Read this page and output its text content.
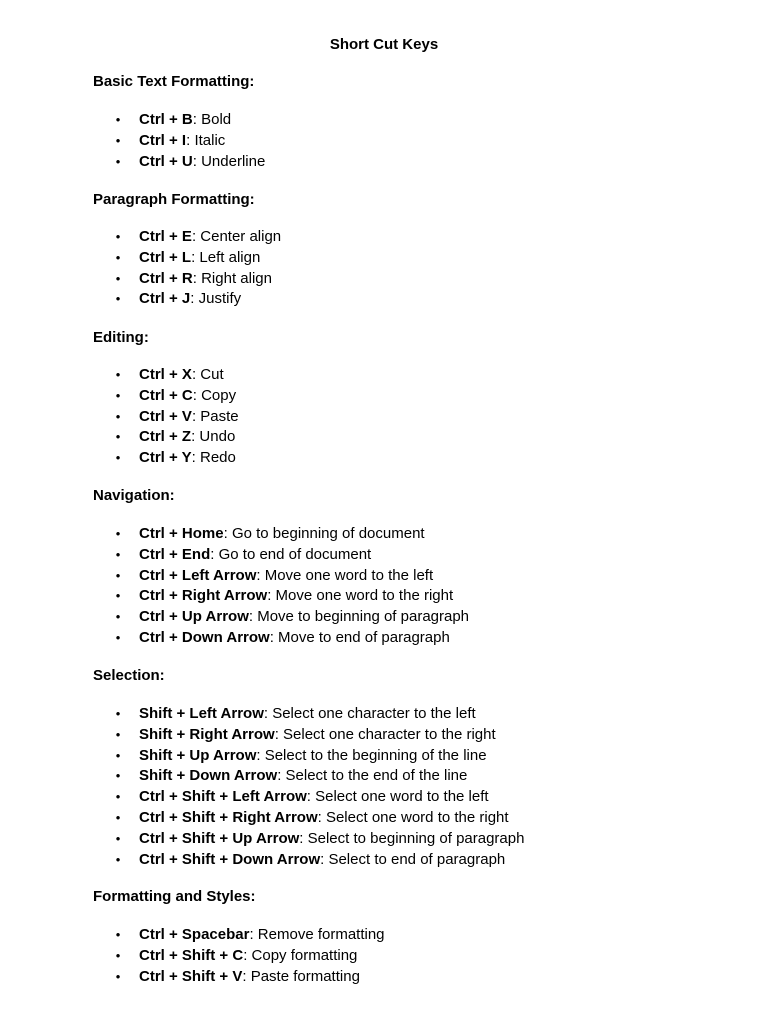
Short Cut Keys
Basic Text Formatting:
• Ctrl + B: Bold
• Ctrl + I: Italic
• Ctrl + U: Underline
Paragraph Formatting:
• Ctrl + E: Center align
• Ctrl + L: Left align
• Ctrl + R: Right align
• Ctrl + J: Justify
Editing:
• Ctrl + X: Cut
• Ctrl + C: Copy
• Ctrl + V: Paste
• Ctrl + Z: Undo
• Ctrl + Y: Redo
Navigation:
• Ctrl + Home: Go to beginning of document
• Ctrl + End: Go to end of document
• Ctrl + Left Arrow: Move one word to the left
• Ctrl + Right Arrow: Move one word to the right
• Ctrl + Up Arrow: Move to beginning of paragraph
• Ctrl + Down Arrow: Move to end of paragraph
Selection:
• Shift + Left Arrow: Select one character to the left
• Shift + Right Arrow: Select one character to the right
• Shift + Up Arrow: Select to the beginning of the line
• Shift + Down Arrow: Select to the end of the line
• Ctrl + Shift + Left Arrow: Select one word to the left
• Ctrl + Shift + Right Arrow: Select one word to the right
• Ctrl + Shift + Up Arrow: Select to beginning of paragraph
• Ctrl + Shift + Down Arrow: Select to end of paragraph
Formatting and Styles:
• Ctrl + Spacebar: Remove formatting
• Ctrl + Shift + C: Copy formatting
• Ctrl + Shift + V: Paste formatting
